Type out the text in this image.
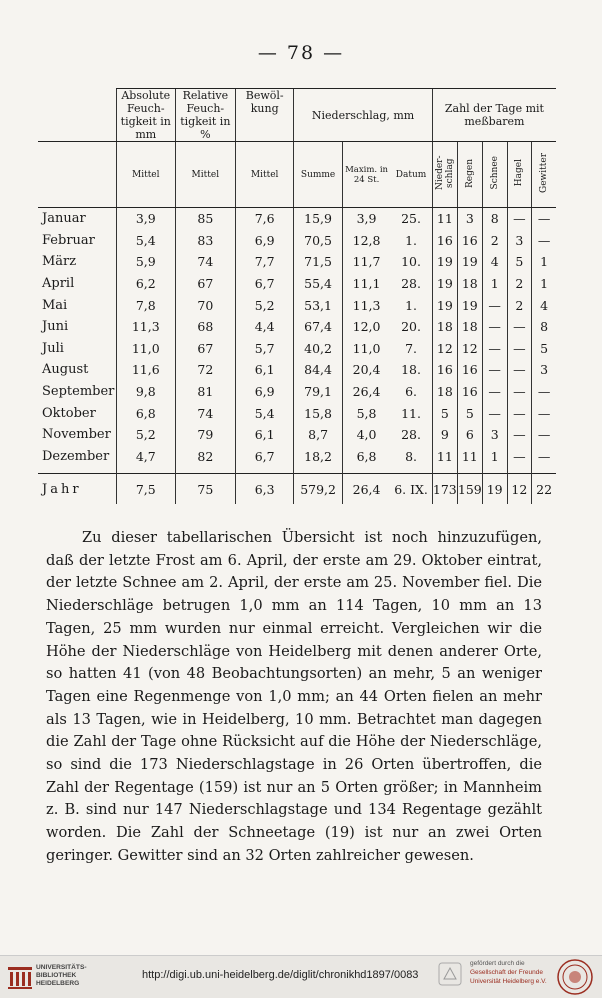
— 78 —
	Absolute Feuch-tigkeit in mm	Relative Feuch-tigkeit in %	Bewöl-kung	Niederschlag, mm			Zahl der Tage mit meßbarem				
	Mittel	Mittel	Mittel	Summe	Maxim. in 24 St.	Datum	Nieder-schlag	Regen	Schnee	Hagel	Gewitter
Januar	3,9	85	7,6	15,9	3,9	25.	11	3	8	—	—
Februar	5,4	83	6,9	70,5	12,8	1.	16	16	2	3	—
März	5,9	74	7,7	71,5	11,7	10.	19	19	4	5	1
April	6,2	67	6,7	55,4	11,1	28.	19	18	1	2	1
Mai	7,8	70	5,2	53,1	11,3	1.	19	19	—	2	4
Juni	11,3	68	4,4	67,4	12,0	20.	18	18	—	—	8
Juli	11,0	67	5,7	40,2	11,0	7.	12	12	—	—	5
August	11,6	72	6,1	84,4	20,4	18.	16	16	—	—	3
September	9,8	81	6,9	79,1	26,4	6.	18	16	—	—	—
Oktober	6,8	74	5,4	15,8	5,8	11.	5	5	—	—	—
November	5,2	79	6,1	8,7	4,0	28.	9	6	3	—	—
Dezember	4,7	82	6,7	18,2	6,8	8.	11	11	1	—	—

Jahr	7,5	75	6,3	579,2	26,4	6. IX.	173	159	19	12	22

Zu dieser tabellarischen Übersicht ist noch hinzuzufügen, daß der letzte Frost am 6. April, der erste am 29. Oktober eintrat, der letzte Schnee am 2. April, der erste am 25. November fiel. Die Niederschläge betrugen 1,0 mm an 114 Tagen, 10 mm an 13 Tagen, 25 mm wurden nur einmal erreicht. Vergleichen wir die Höhe der Niederschläge von Heidelberg mit denen anderer Orte, so hatten 41 (von 48 Beobachtungsorten) an mehr, 5 an weniger Tagen eine Regenmenge von 1,0 mm; an 44 Orten fielen an mehr als 13 Tagen, wie in Heidelberg, 10 mm. Betrachtet man dagegen die Zahl der Tage ohne Rücksicht auf die Höhe der Niederschläge, so sind die 173 Niederschlagstage in 26 Orten übertroffen, die Zahl der Regentage (159) ist nur an 5 Orten größer; in Mannheim z. B. sind nur 147 Niederschlagstage und 134 Regentage gezählt worden. Die Zahl der Schneetage (19) ist nur an zwei Orten geringer. Gewitter sind an 32 Orten zahlreicher gewesen.

UNIVERSITÄTS-
BIBLIOTHEK
HEIDELBERG
http://digi.ub.uni-heidelberg.de/diglit/chronikhd1897/0083
gefördert durch die
Gesellschaft der Freunde
Universität Heidelberg e.V.
